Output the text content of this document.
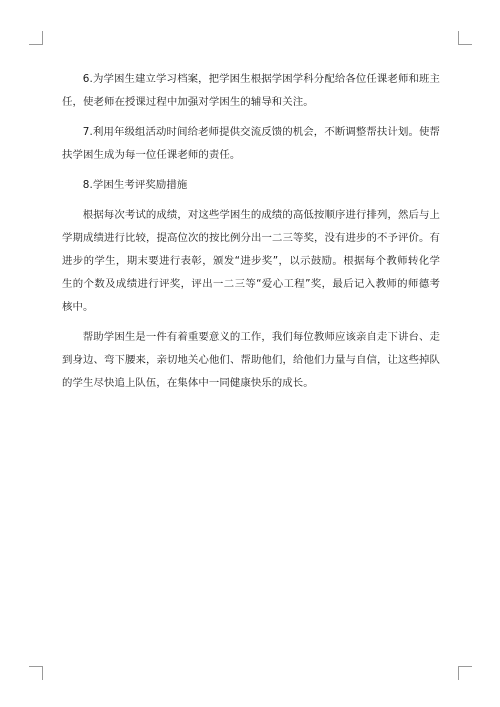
6.为学困生建立学习档案，把学困生根据学困学科分配给各位任课老师和班主任，使老师在授课过程中加强对学困生的辅导和关注。

7.利用年级组活动时间给老师提供交流反馈的机会，不断调整帮扶计划。使帮扶学困生成为每一位任课老师的责任。

8.学困生考评奖励措施

根据每次考试的成绩，对这些学困生的成绩的高低按顺序进行排列，然后与上学期成绩进行比较，提高位次的按比例分出一二三等奖，没有进步的不予评价。有进步的学生，期末要进行表彰，颁发“进步奖”，以示鼓励。根据每个教师转化学生的个数及成绩进行评奖，评出一二三等“爱心工程”奖，最后记入教师的师德考核中。

帮助学困生是一件有着重要意义的工作，我们每位教师应该亲自走下讲台、走到身边、弯下腰来，亲切地关心他们、帮助他们，给他们力量与自信，让这些掉队的学生尽快追上队伍，在集体中一同健康快乐的成长。
